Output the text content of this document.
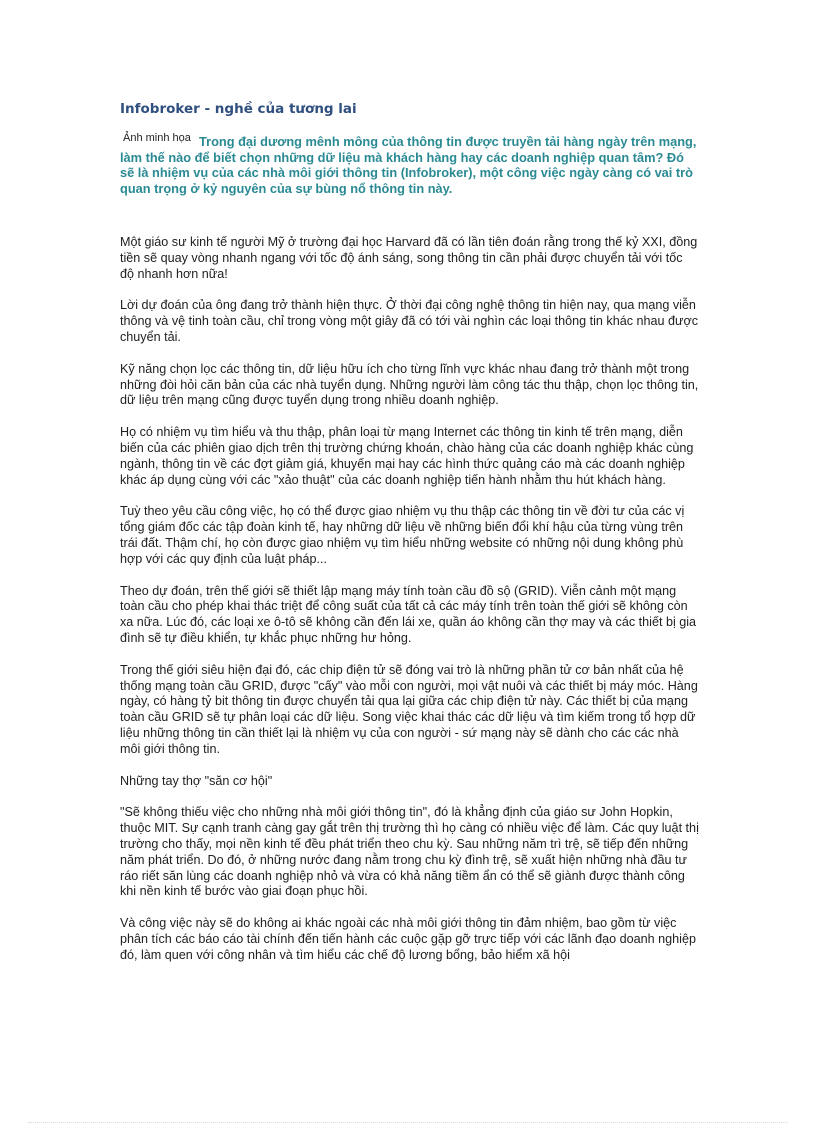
Infobroker - nghề của tương lai
Ảnh minh họa Trong đại dương mênh mông của thông tin được truyền tải hàng ngày trên mạng, làm thế nào để biết chọn những dữ liệu mà khách hàng hay các doanh nghiệp quan tâm? Đó sẽ là nhiệm vụ của các nhà môi giới thông tin (Infobroker), một công việc ngày càng có vai trò quan trọng ở kỷ nguyên của sự bùng nổ thông tin này.

Một giáo sư kinh tế người Mỹ ở trường đại học Harvard đã có lần tiên đoán rằng trong thế kỷ XXI, đồng tiền sẽ quay vòng nhanh ngang với tốc độ ánh sáng, song thông tin cần phải được chuyển tải với tốc độ nhanh hơn nữa!

Lời dự đoán của ông đang trở thành hiện thực. Ở thời đại công nghệ thông tin hiện nay, qua mạng viễn thông và vệ tinh toàn cầu, chỉ trong vòng một giây đã có tới vài nghìn các loại thông tin khác nhau được chuyển tải.

Kỹ năng chọn lọc các thông tin, dữ liệu hữu ích cho từng lĩnh vực khác nhau đang trở thành một trong những đòi hỏi căn bản của các nhà tuyển dụng. Những người làm công tác thu thập, chọn lọc thông tin, dữ liệu trên mạng cũng được tuyển dụng trong nhiều doanh nghiệp.

Họ có nhiệm vụ tìm hiểu và thu thập, phân loại từ mạng Internet các thông tin kinh tế trên mạng, diễn biến của các phiên giao dịch trên thị trường chứng khoán, chào hàng của các doanh nghiệp khác cùng ngành, thông tin về các đợt giảm giá, khuyến mại hay các hình thức quảng cáo mà các doanh nghiệp khác áp dụng cùng với các "xảo thuật" của các doanh nghiệp tiến hành nhằm thu hút khách hàng.

Tuỳ theo yêu cầu công việc, họ có thể được giao nhiệm vụ thu thập các thông tin về đời tư của các vị tổng giám đốc các tập đoàn kinh tế, hay những dữ liệu về những biến đổi khí hậu của từng vùng trên trái đất. Thậm chí, họ còn được giao nhiệm vụ tìm hiểu những website có những nội dung không phù hợp với các quy định của luật pháp...

Theo dự đoán, trên thế giới sẽ thiết lập mạng máy tính toàn cầu đồ sộ (GRID). Viễn cảnh một mạng toàn cầu cho phép khai thác triệt để công suất của tất cả các máy tính trên toàn thế giới sẽ không còn xa nữa. Lúc đó, các loại xe ô-tô sẽ không cần đến lái xe, quần áo không cần thợ may và các thiết bị gia đình sẽ tự điều khiển, tự khắc phục những hư hỏng.

Trong thế giới siêu hiện đại đó, các chip điện tử sẽ đóng vai trò là những phần tử cơ bản nhất của hệ thống mạng toàn cầu GRID, được "cấy" vào mỗi con người, mọi vật nuôi và các thiết bị máy móc. Hàng ngày, có hàng tỷ bit thông tin được chuyển tải qua lại giữa các chip điện tử này. Các thiết bị của mạng toàn cầu GRID sẽ tự phân loại các dữ liệu. Song việc khai thác các dữ liệu và tìm kiếm trong tổ hợp dữ liệu những thông tin cần thiết lại là nhiệm vụ của con người - sứ mạng này sẽ dành cho các các nhà môi giới thông tin.

Những tay thợ "săn cơ hội"

"Sẽ không thiếu việc cho những nhà môi giới thông tin", đó là khẳng định của giáo sư John Hopkin, thuộc MIT. Sự cạnh tranh càng gay gắt trên thị trường thì họ càng có nhiều việc để làm. Các quy luật thị trường cho thấy, mọi nền kinh tế đều phát triển theo chu kỳ. Sau những năm trì trệ, sẽ tiếp đến những năm phát triển. Do đó, ở những nước đang nằm trong chu kỳ đình trệ, sẽ xuất hiện những nhà đầu tư ráo riết săn lùng các doanh nghiệp nhỏ và vừa có khả năng tiềm ẩn có thể sẽ giành được thành công khi nền kinh tế bước vào giai đoạn phục hồi.

Và công việc này sẽ do không ai khác ngoài các nhà môi giới thông tin đảm nhiệm, bao gồm từ việc phân tích các báo cáo tài chính đến tiến hành các cuộc gặp gỡ trực tiếp với các lãnh đạo doanh nghiệp đó, làm quen với công nhân và tìm hiểu các chế độ lương bổng, bảo hiểm xã hội
